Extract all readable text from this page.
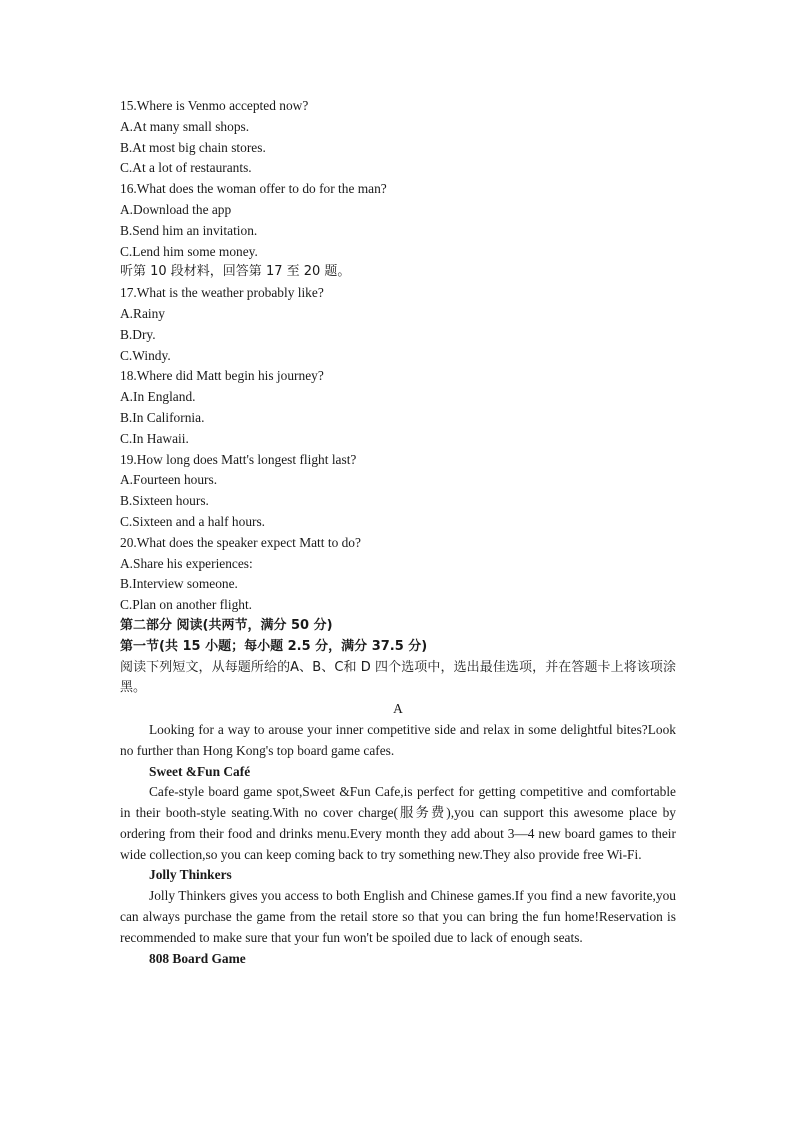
15.Where is Venmo accepted now?
A.At many small shops.
B.At most big chain stores.
C.At a lot of restaurants.
16.What does the woman offer to do for the man?
A.Download the app
B.Send him an invitation.
C.Lend him some money.
听第 10 段材料，回答第 17 至 20 题。
17.What is the weather probably like?
A.Rainy
B.Dry.
C.Windy.
18.Where did Matt begin his journey?
A.In England.
B.In California.
C.In Hawaii.
19.How long does Matt's longest flight last?
A.Fourteen hours.
B.Sixteen hours.
C.Sixteen and a half hours.
20.What does the speaker expect Matt to do?
A.Share his experiences:
B.Interview someone.
C.Plan on another flight.
第二部分 阅读(共两节，满分 50 分)
第一节(共 15 小题；每小题 2.5 分，满分 37.5 分)
阅读下列短文，从每题所给的A、B、C和 D 四个选项中，选出最佳选项，并在答题卡上将该项涂黑。
A
Looking for a way to arouse your inner competitive side and relax in some delightful bites?Look no further than Hong Kong's top board game cafes.
Sweet &Fun Café
Cafe-style board game spot,Sweet &Fun Cafe,is perfect for getting competitive and comfortable in their booth-style seating.With no cover charge(服务费),you can support this awesome place by ordering from their food and drinks menu.Every month they add about 3—4 new board games to their wide collection,so you can keep coming back to try something new.They also provide free Wi-Fi.
Jolly Thinkers
Jolly Thinkers gives you access to both English and Chinese games.If you find a new favorite,you can always purchase the game from the retail store so that you can bring the fun home!Reservation is recommended to make sure that your fun won't be spoiled due to lack of enough seats.
808 Board Game
